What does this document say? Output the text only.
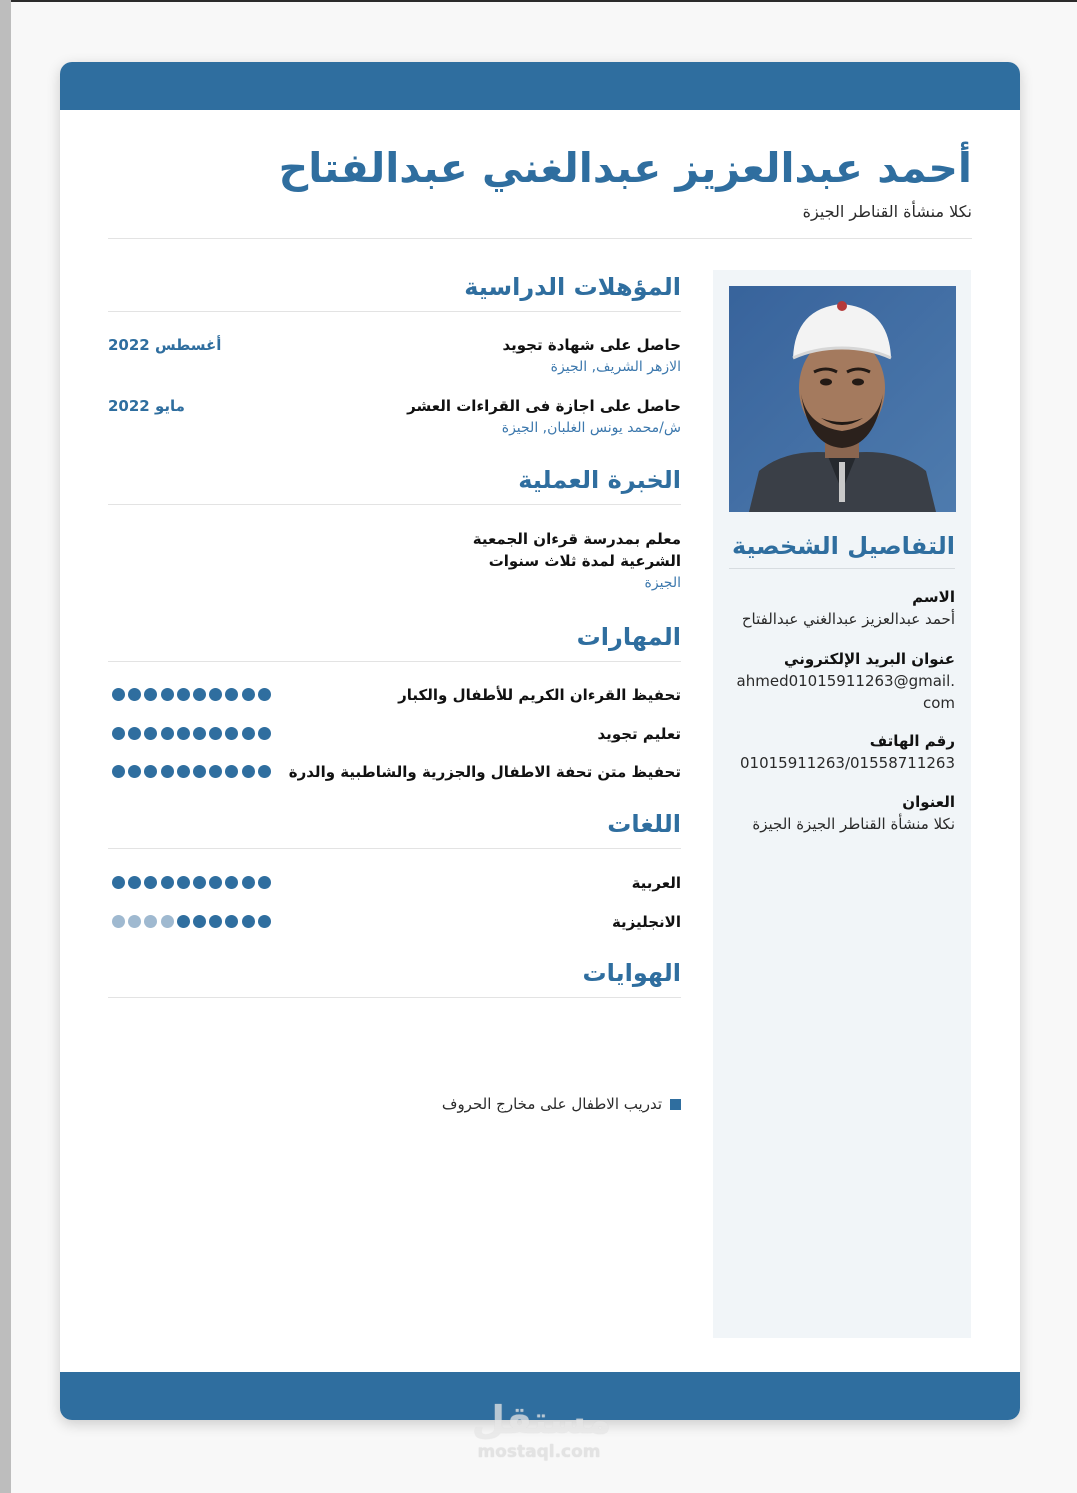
أحمد عبدالعزيز عبدالغني عبدالفتاح
نكلا منشأة القناطر الجيزة
التفاصيل الشخصية
الاسم
أحمد عبدالعزيز عبدالغني عبدالفتاح
عنوان البريد الإلكتروني
ahmed01015911263@gmail.com
رقم الهاتف
01015911263/01558711263
العنوان
نكلا منشأة القناطر الجيزة الجيزة
المؤهلات الدراسية
حاصل على شهادة تجويد
الازهر الشريف, الجيزة
أغسطس 2022
حاصل على اجازة فى القراءات العشر
ش/محمد يونس الغلبان, الجيزة
مايو 2022
الخبرة العملية
معلم بمدرسة قرءان الجمعية الشرعية لمدة ثلاث سنوات
الجيزة
المهارات
تحفيظ القرءان الكريم للأطفال والكبار
تعليم تجويد
تحفيظ متن تحفة الاطفال والجزرية والشاطبية والدرة
اللغات
العربية
الانجليزية
الهوايات
تدريب الاطفال على مخارج الحروف
مستقل
mostaql.com
